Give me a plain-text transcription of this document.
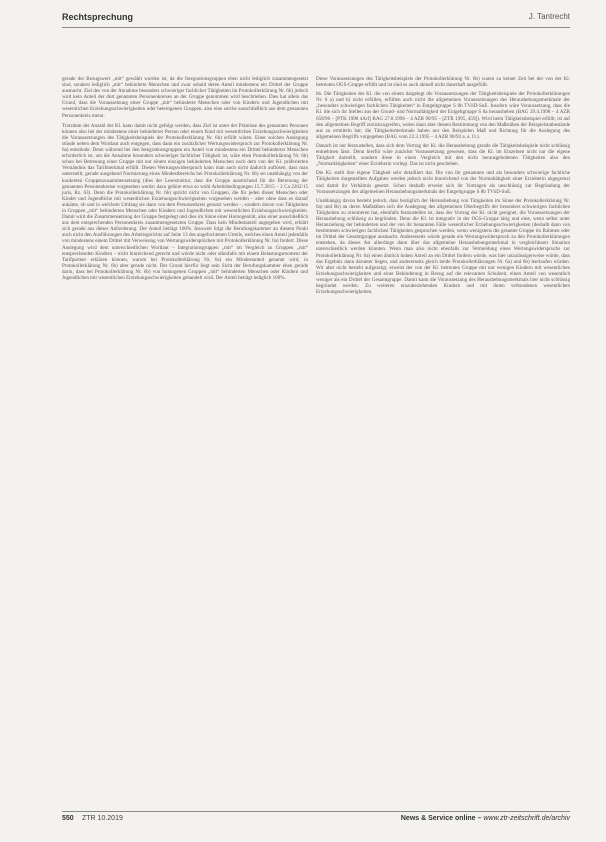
Rechtsprechung	J. Tantrecht

gerade der Bezugswert „mit“ gewählt worden ist, da die Integrationsgruppen eben nicht lediglich zusammengesetzt sind, sondern lediglich „mit“ behinderte Menschen und zwar sobald deren Anteil mindestens ein Drittel der Gruppe ausmacht. Ziel des von der Annahme besonders schwieriger fachlicher Tätigkeiten im Protokollerklärung Nr. 6b) jedoch wird kein Anteil der dort genannten Personenkreises an der Gruppe genommen wird beschrieben. Dies hat allein das Grund, dass die Voraussetzung einer Gruppe „mit“ behinderte Menschen oder von Kindern und Jugendlichen mit wesentlichen Erziehungsschwierigkeiten oder heterogenen Gruppen, also eine solche ausschließlich aus dem genannten Personenkreis meint.

Trotzdem der Anzahl der Kl. kann damit nicht gefolgt werden, dass Ziel ist unter der Prämisse des genannten Personen können also bei der mindestens einer behinderter Person oder einem Kind mit wesentlichen Erziehungsschwierigkeiten die Voraussetzungen des Tätigkeitsbeispiels der Protokollerklärung Nr. 6b) erfüllt wären. Einer solchen Auslegung stünde neben dem Wortlaut auch entgegen, dass dann ein zusätzlicher Wertungswiderspruch zur Protokollerklärung Nr. 6a) entstünde. Denn während bei den Integrationsgruppen ein Anteil von mindestens ein Drittel behinderter Menschen erforderlich ist, um die Annahme besonders schwieriger fachlicher Tätigkeit ist, wäre eben Protokollerklärung Nr. 6b) schon bei Betreuung einer Gruppe mit nur einem einzigen behinderten Menschen nach dem von der Kl. präferierten Verständnis das Tarifmerkmal erfüllt. Diesen Wertungswiderspruch kann man auch nicht dadurch auflösen, dass man unterstellt, gerade ausgehend Normierung eines Mindestbereichs bei Protokollerklärung Nr. 6b) sei unabhängig von der konkreten Gruppenzusammensetzung (dies der Lesestruktur, dass die Gruppe ausreichend für die Betreuung der genannten Personenkreise vorgesehen werde; dazu gehöre etwa so wohl Arbeitsbedingungen 15.7.2015 – 2 Ca 2262/15 juris, Rz. 63). Denn die Protokollerklärung Nr. 6b) spricht nicht von Gruppen, die für jeden dieser Menschen oder Kinder und Jugendliche mit wesentlichen Erziehungsschwierigkeiten vorgesehen werden – aber ohne dass es darauf ankäme, ob und in welchem Umfang sie dann von dem Personenkreis genutzt werden –, sondern davon von Tätigkeiten in Gruppen „mit“ behinderten Menschen oder Kindern und Jugendlichen mit wesentlichen Erziehungsschwierigkeiten. Damit wird die Zusammensetzung der Gruppe festgelegt und dies im Sinne einer Homogenität, also einer ausschließlich aus dem entsprechenden Personenkreis zusammengesetzten Gruppe. Dass kein Mindestanteil angegeben wird, erklärt sich gerade aus dieser Anforderung. Der Anteil beträgt 100%. Insoweit folgt die Berufungskammer an diesem Punkt auch nicht den Ausführungen des Arbeitsgerichts auf Seite 13 des angefochtenen Urteils, welches einen Anteil jedenfalls von mindestens einem Drittel mit Verweisung von Wertungswidersprüchen mit Protokollerklärung Nr. 6a) fordert. Diese Auslegung wird dem unterschiedlichen Wortlaut – Integrationsgruppen „mit“ im Vergleich zu Gruppen „mit“ entsprechenden Kindern – nicht hinreichend gerecht und würde nicht oder allenfalls mit einem Belastungsmoment der Tarifpartner erklären können, warum bei Protokollerklärung Nr. 6a) ein Mindestanteil genannt wird, in Protokollerklärung Nr. 6b) aber gerade nicht. Der Grund hierfür liegt sein Sicht der Berufungskammer eben gerade darin, dass bei Protokollerklärung Nr. 6b) von homogenen Gruppen „mit“ behinderten Menschen oder Kindern und Jugendlichen mit wesentlichen Erziehungsschwierigkeiten gehandelt wird. Der Anteil beträgt lediglich 100%.

Diese Voraussetzungen des Tätigkeitsbeispiels der Protokollerklärung Nr. 6b) waren zu keiner Zeit bei der von der Kl. betreuten OGS-Gruppe erfüllt und ist sind es auch aktuell nicht dauerhaft ausgefüllt.

bb. Die Tätigkeiten der Kl. die von einem dargelegt die Voraussetzungen der Tätigkeitsbeispiele der Protokollerklärungen Nr. 6 a) und b) nicht erfüllen, erfüllen auch nicht die allgemeinen Voraussetzungen des Heraushebungsmerkmale der „besonders schwierigen fachlichen Tätigkeiten“ in Entgeltgruppe S 8b TVöD-SuE. Insofern wäre Voraussetzung, dass die Kl. die sich ihr Stellen aus der Grund- und Normaltätigkeit der Entgeltgruppe S 8a herausheben (BAG 29.4.1998 – 4 AZR 658/96 – [PTK 1998 4Arf] BAG 27.8.1996 – 4 AZR 90/95 – [ZTR 1995, 459]). Wird beim Tätigkeitsbeispiel erfüllt, ist auf den allgemeinen Begriff zurückzugreifen, wobei dann aber dessen Bestimmung von den Maßstäben der Beispielstatbestände aus zu ermitteln hat; die Tätigkeitsmerkmale haben nur den Beispielen Maß und Richtung für die Auslegung des allgemeinen Begriffs vorgegeben (BAG vom 22.3.1995 – 4 AZR 90/93 a. a. O.).

Danach ist nur festzustellen, dass sich dem Vortrag der Kl. die Heraushebung gerade die Tätigkeitsbeispiele nicht schlüssig entnehmen lässt. Denn hierfür wäre zunächst Voraussetzung gewesen, dass die Kl. im Einzelnen nicht nur die eigene Tätigkeit darstellt, sondern diese in einen Vergleich mit den nicht herausgehobenen Tätigkeiten also den „Normaltätigkeiten“ einer Erzieherin vorlegt. Das ist nicht geschehen.

Die Kl. stellt ihre eigene Tätigkeit sehr detailliert dar. Die von ihr genannten und als besonders schwierige fachliche Tätigkeiten dargestellten Aufgaben werden jedoch nicht hinreichend von der Normaltätigkeit einer Erzieherin abgegrenzt und damit ihr Verhältnis gesetzt. Schon deshalb erweist sich ihr Vortragen als unschlüssig zur Begründung der Voraussetzungen des allgemeinen Heraushebungsmerkmals der Entgeltgruppe S 8b TVöD-SuE.

Unabhängig davon besteht jedoch, dass bezüglich der Heraushebung von Tätigkeiten im Sinne der Protokollerklärung Nr. 6a) und 6b) an deren Maßstäben sich die Auslegung des allgemeinen Oberbegriffs der besonders schwierigen fachlichen Tätigkeiten zu orientieren hat, ebenfalls festzustellen ist, dass der Vortrag der Kl. nicht geeignet, die Voraussetzungen der Heraushebung schlüssig zu begründen. Denn die Kl. ist integrativ in der OGS-Gruppe tätig und eine, wenn selbst unter Heranziehung der behinderten und der von ihr benannten Fälle wesentlicher Erziehungsschwierigkeiten (deshalb dann von bestimmten schwierigen fachlichen Tätigkeiten gesprochen werden, wenn wenigstens die gesamte Gruppe im Rahmen oder im Drittel der Gesamtgruppe ausmacht. Andererseits würde gerade ein Wertungswiderspruch zu den Protokollerklärungen entstehen, da dieses Ast allerdings dann über das allgemeine Heraushebungsmerkmal in vergleichbarer Situation unterschiedlich werden könnten. Wenn man also nicht ebenfalls zur Vermeidung eines Wertungswiderspruchs zur Protokollerklärung Nr. 6a) einen ähnlich hohen Anteil an ein Drittel fordern würde, was hier unzulässigerweise würde, dass das Ergebnis dann darunter liegen, und andererseits gleich beide Protokollerklärungen Nr. 6a) und 6b) leerlaufen würden. Wir aber nicht besteht aufgezeigt, erweist der von der Kl. betreuten Gruppe mit nur wenigen Kindern mit wesentlichen Erziehungsschwierigkeiten und einer Behinderung in Bezug auf die relevanten Schulzeit, einen Anteil von wesentlich weniger als ein Drittel der Gesamtgruppe. Damit kann die Voraussetzung des Heraushebungsmerkmals hier nicht schlüssig begründet werden. Zu weiteren einzubeziehenden Kindern und mit ihnen verbundenen wesentlichen Erziehungsschwierigkeiten.

550 ZTR 10.2019	News & Service online – www.ztr-zeitschrift.de/archiv
